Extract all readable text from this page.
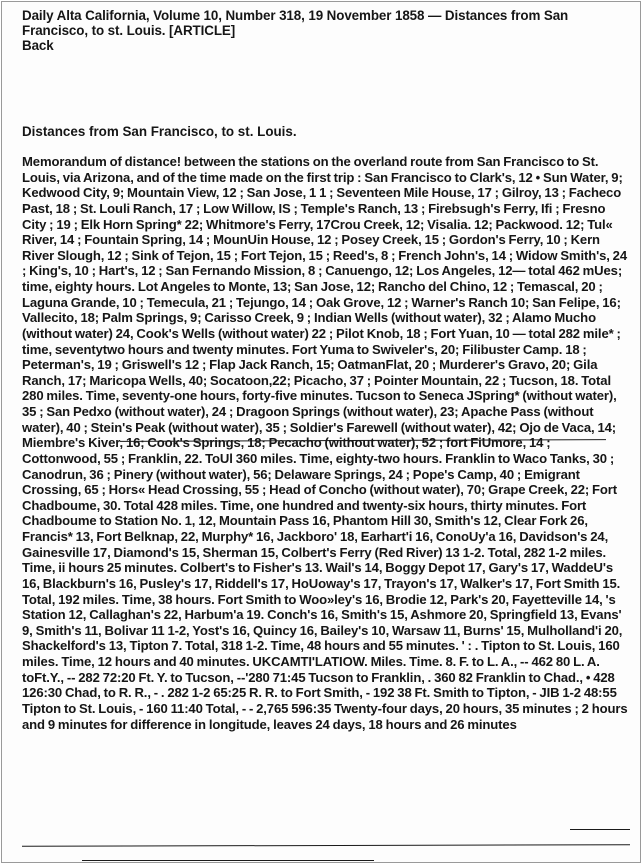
Daily Alta California, Volume 10, Number 318, 19 November 1858 — Distances from San
Francisco, to st. Louis. [ARTICLE]
Back
Distances from San Francisco, to st. Louis.

Memorandum of distance! between the stations on the overland route from San Francisco to St. Louis, via Arizona, and of the time made on the first trip : San Francisco to Clark's, 12 • Sun Water, 9; Kedwood City, 9; Mountain View, 12 ; San Jose, 1 1 ; Seventeen Mile House, 17 ; Gilroy, 13 ; Facheco Past, 18 ; St. Louli Ranch, 17 ; Low Willow, IS ; Temple's Ranch, 13 ; Firebsugh's Ferry, Ifi ; Fresno City ; 19 ; Elk Horn Spring* 22; Whitmore's Ferry, 17Crou Creek, 12; Visalia. 12; Packwood. 12; Tul« River, 14 ; Fountain Spring, 14 ; MounUin House, 12 ; Posey Creek, 15 ; Gordon's Ferry, 10 ; Kern River Slough, 12 ; Sink of Tejon, 15 ; Fort Tejon, 15 ; Reed's, 8 ; French John's, 14 ; Widow Smith's, 24 ; King's, 10 ; Hart's, 12 ; San Fernando Mission, 8 ; Canuengo, 12; Los Angeles, 12— total 462 mUes; time, eighty hours. Lot Angeles to Monte, 13; San Jose, 12; Rancho del Chino, 12 ; Temascal, 20 ; Laguna Grande, 10 ; Temecula, 21 ; Tejungo, 14 ; Oak Grove, 12 ; Warner's Ranch 10; San Felipe, 16; Vallecito, 18; Palm Springs, 9; Carisso Creek, 9 ; Indian Wells (without water), 32 ; Alamo Mucho (without water) 24, Cook's Wells (without water) 22 ; Pilot Knob, 18 ; Fort Yuan, 10 — total 282 mile* ; time, seventytwo hours and twenty minutes. Fort Yuma to Swiveler's, 20; Filibuster Camp. 18 ; Peterman's, 19 ; Griswell's 12 ; Flap Jack Ranch, 15; OatmanFlat, 20 ; Murderer's Gravo, 20; Gila Ranch, 17; Maricopa Wells, 40; Socatoon,22; Picacho, 37 ; Pointer Mountain, 22 ; Tucson, 18. Total 280 miles. Time, seventy-one hours, forty-five minutes. Tucson to Seneca JSpring* (without water), 35 ; San Pedxo (without water), 24 ; Dragoon Springs (without water), 23; Apache Pass (without water), 40 ; Stein's Peak (without water), 35 ; Soldier's Farewell (without water), 42; Ojo de Vaca, 14; Miembre's Kiver, 16; Cook's Springs, 18; Pecacho (without water), 52 ; fort FiUmore, 14 ; Cottonwood, 55 ; Franklin, 22. ToUl 360 miles. Time, eighty-two hours. Franklin to Waco Tanks, 30 ; Canodrun, 36 ; Pinery (without water), 56; Delaware Springs, 24 ; Pope's Camp, 40 ; Emigrant Crossing, 65 ; Hors« Head Crossing, 55 ; Head of Concho (without water), 70; Grape Creek, 22; Fort Chadboume, 30. Total 428 miles. Time, one hundred and twenty-six hours, thirty minutes. Fort Chadboume to Station No. 1, 12, Mountain Pass 16, Phantom Hill 30, Smith's 12, Clear Fork 26, Francis* 13, Fort Belknap, 22, Murphy* 16, Jackboro' 18, Earhart'i 16, ConoUy'a 16, Davidson's 24, Gainesville 17, Diamond's 15, Sherman 15, Colbert's Ferry (Red River) 13 1-2. Total, 282 1-2 miles. Time, ii hours 25 minutes. Colbert's to Fisher's 13. Wail's 14, Boggy Depot 17, Gary's 17, WaddeU's 16, Blackburn's 16, Pusley's 17, Riddell's 17, HoUoway's 17, Trayon's 17, Walker's 17, Fort Smith 15. Total, 192 miles. Time, 38 hours. Fort Smith to Woo»ley's 16, Brodie 12, Park's 20, Fayetteville 14, 's Station 12, Callaghan's 22, Harbum'a 19. Conch's 16, Smith's 15, Ashmore 20, Springfield 13, Evans' 9, Smith's 11, Bolivar 11 1-2, Yost's 16, Quincy 16, Bailey's 10, Warsaw 11, Burns' 15, Mulholland'i 20, Shackelford's 13, Tipton 7. Total, 318 1-2. Time, 48 hours and 55 minutes. ' : . Tipton to St. Louis, 160 miles. Time, 12 hours and 40 minutes. UKCAMTI'LATIOW. Miles. Time. 8. F. to L. A., -- 462 80 L. A. toFt.Y., -- 282 72:20 Ft. Y. to Tucson, --'280 71:45 Tucson to Franklin, . 360 82 Franklin to Chad., • 428 126:30 Chad, to R. R., - . 282 1-2 65:25 R. R. to Fort Smith, - 192 38 Ft. Smith to Tipton, - JIB 1-2 48:55 Tipton to St. Louis, - 160 11:40 Total, - - 2,765 596:35 Twenty-four days, 20 hours, 35 minutes ; 2 hours and 9 minutes for difference in longitude, leaves 24 days, 18 hours and 26 minutes
